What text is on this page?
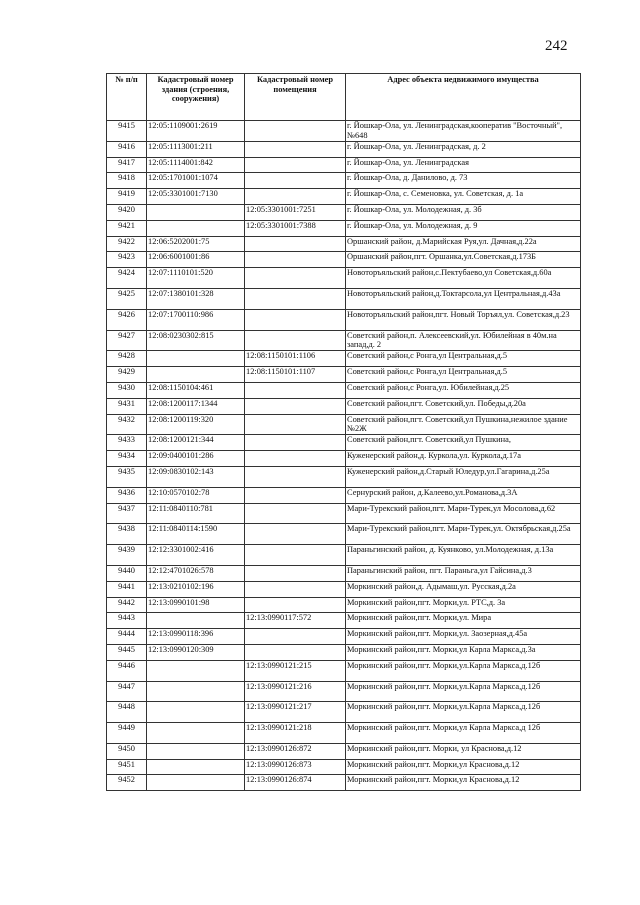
242
№ п/п	Кадастровый номер здания (строения, сооружения)	Кадастровый номер помещения	Адрес объекта недвижимого имущества
9415	12:05:1109001:2619		г. Йошкар-Ола, ул. Ленинградская,кооператив "Восточный", №648
9416	12:05:1113001:211		г. Йошкар-Ола, ул. Ленинградская, д. 2
9417	12:05:1114001:842		г. Йошкар-Ола, ул. Ленинградская
9418	12:05:1701001:1074		г. Йошкар-Ола, д. Данилово, д. 73
9419	12:05:3301001:7130		г. Йошкар-Ола, с. Семеновка, ул. Советская, д. 1а
9420		12:05:3301001:7251	г. Йошкар-Ола, ул. Молодежная, д. 3б
9421		12:05:3301001:7388	г. Йошкар-Ола, ул. Молодежная, д. 9
9422	12:06:5202001:75		Оршанский район, д.Марийская Руя,ул. Дачная,д.22а
9423	12:06:6001001:86		Оршанский район,пгт. Оршанка,ул.Советская,д.173Б
9424	12:07:1110101:520		Новоторъяльский район,с.Пектубаево,ул Советская,д.60а
9425	12:07:1380101:328		Новоторъяльский район,д.Токтарсола,ул Центральная,д.43а
9426	12:07:1700110:986		Новоторъяльский район,пгт. Новый Торъял,ул. Советская,д.23
9427	12:08:0230302:815		Советский район,п. Алексеевский,ул. Юбилейная в 40м.на запад,д. 2
9428		12:08:1150101:1106	Советский район,с Ронга,ул Центральная,д.5
9429		12:08:1150101:1107	Советский район,с Ронга,ул Центральная,д.5
9430	12:08:1150104:461		Советский район,с Ронга,ул. Юбилейная,д.25
9431	12:08:1200117:1344		Советский район,пгт. Советский,ул. Победы,д.20а
9432	12:08:1200119:320		Советский район,пгт. Советский,ул Пушкина,нежилое здание №2Ж
9433	12:08:1200121:344		Советский район,пгт. Советский,ул Пушкина,
9434	12:09:0400101:286		Куженерский район,д. Куркола,ул. Куркола,д.17а
9435	12:09:0830102:143		Куженерский район,д.Старый Юледур,ул.Гагарина,д.25а
9436	12:10:0570102:78		Сернурский район, д.Калеево,ул.Романова,д.3А
9437	12:11:0840110:781		Мари-Турекский район,пгт. Мари-Турек,ул Мосолова,д.62
9438	12:11:0840114:1590		Мари-Турекский район,пгт. Мари-Турек,ул. Октябрьская,д.25а
9439	12:12:3301002:416		Параньгинский район, д. Куянково, ул.Молодежная, д.13а
9440	12:12:4701026:578		Параньгинский район, пгт. Параньга,ул Гайсина,д.3
9441	12:13:0210102:196		Моркинский район,д. Адымаш,ул. Русская,д.2а
9442	12:13:0990101:98		Моркинский район,пгт. Морки,ул. РТС,д. 3а
9443		12:13:0990117:572	Моркинский район,пгт. Морки,ул. Мира
9444	12:13:0990118:396		Моркинский район,пгт. Морки,ул. Заозерная,д.45а
9445	12:13:0990120:309		Моркинский район,пгт. Морки,ул Карла Маркса,д.3а
9446		12:13:0990121:215	Моркинский район,пгт. Морки,ул.Карла Маркса,д.12б
9447		12:13:0990121:216	Моркинский район,пгт. Морки,ул.Карла Маркса,д.12б
9448		12:13:0990121:217	Моркинский район,пгт. Морки,ул.Карла Маркса,д.12б
9449		12:13:0990121:218	Моркинский район,пгт. Морки,ул Карла Маркса,д 12б
9450		12:13:0990126:872	Моркинский район,пгт. Морки, ул Краснова,д.12
9451		12:13:0990126:873	Моркинский район,пгт. Морки,ул Краснова,д.12
9452		12:13:0990126:874	Моркинский район,пгт. Морки,ул Краснова,д.12
